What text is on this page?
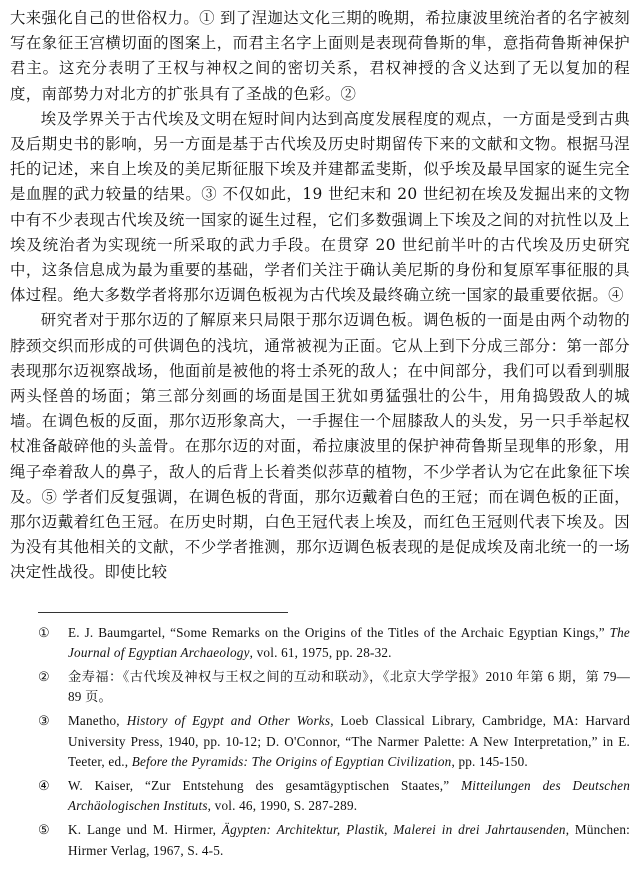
大来强化自己的世俗权力。① 到了涅迦达文化三期的晚期，希拉康波里统治者的名字被刻写在象征王宫横切面的图案上，而君主名字上面则是表现荷鲁斯的隼，意指荷鲁斯神保护君主。这充分表明了王权与神权之间的密切关系，君权神授的含义达到了无以复加的程度，南部势力对北方的扩张具有了圣战的色彩。②

埃及学界关于古代埃及文明在短时间内达到高度发展程度的观点，一方面是受到古典及后期史书的影响，另一方面是基于古代埃及历史时期留传下来的文献和文物。根据马涅托的记述，来自上埃及的美尼斯征服下埃及并建都孟斐斯，似乎埃及最早国家的诞生完全是血腥的武力较量的结果。③ 不仅如此，19 世纪末和 20 世纪初在埃及发掘出来的文物中有不少表现古代埃及统一国家的诞生过程，它们多数强调上下埃及之间的对抗性以及上埃及统治者为实现统一所采取的武力手段。在贯穿 20 世纪前半叶的古代埃及历史研究中，这条信息成为最为重要的基础，学者们关注于确认美尼斯的身份和复原军事征服的具体过程。绝大多数学者将那尔迈调色板视为古代埃及最终确立统一国家的最重要依据。④

研究者对于那尔迈的了解原来只局限于那尔迈调色板。调色板的一面是由两个动物的脖颈交织而形成的可供调色的浅坑，通常被视为正面。它从上到下分成三部分：第一部分表现那尔迈视察战场，他面前是被他的将士杀死的敌人；在中间部分，我们可以看到驯服两头怪兽的场面；第三部分刻画的场面是国王犹如勇猛强壮的公牛，用角捣毁敌人的城墙。在调色板的反面，那尔迈形象高大，一手握住一个屈膝敌人的头发，另一只手举起权杖准备敲碎他的头盖骨。在那尔迈的对面，希拉康波里的保护神荷鲁斯呈现隼的形象，用绳子牵着敌人的鼻子，敌人的后背上长着类似莎草的植物，不少学者认为它在此象征下埃及。⑤ 学者们反复强调，在调色板的背面，那尔迈戴着白色的王冠；而在调色板的正面，那尔迈戴着红色王冠。在历史时期，白色王冠代表上埃及，而红色王冠则代表下埃及。因为没有其他相关的文献，不少学者推测，那尔迈调色板表现的是促成埃及南北统一的一场决定性战役。即使比较

①	E. J. Baumgartel, “Some Remarks on the Origins of the Titles of the Archaic Egyptian Kings,” The Journal of Egyptian Archaeology, vol. 61, 1975, pp. 28-32.
②	金寿福：《古代埃及神权与王权之间的互动和联动》，《北京大学学报》2010 年第 6 期，第 79—89 页。
③	Manetho, History of Egypt and Other Works, Loeb Classical Library, Cambridge, MA: Harvard University Press, 1940, pp. 10-12; D. O'Connor, “The Narmer Palette: A New Interpretation,” in E. Teeter, ed., Before the Pyramids: The Origins of Egyptian Civilization, pp. 145-150.
④	W. Kaiser, “Zur Entstehung des gesamtägyptischen Staates,” Mitteilungen des Deutschen Archäologischen Instituts, vol. 46, 1990, S. 287-289.
⑤	K. Lange und M. Hirmer, Ägypten: Architektur, Plastik, Malerei in drei Jahrtausenden, München: Hirmer Verlag, 1967, S. 4-5.
